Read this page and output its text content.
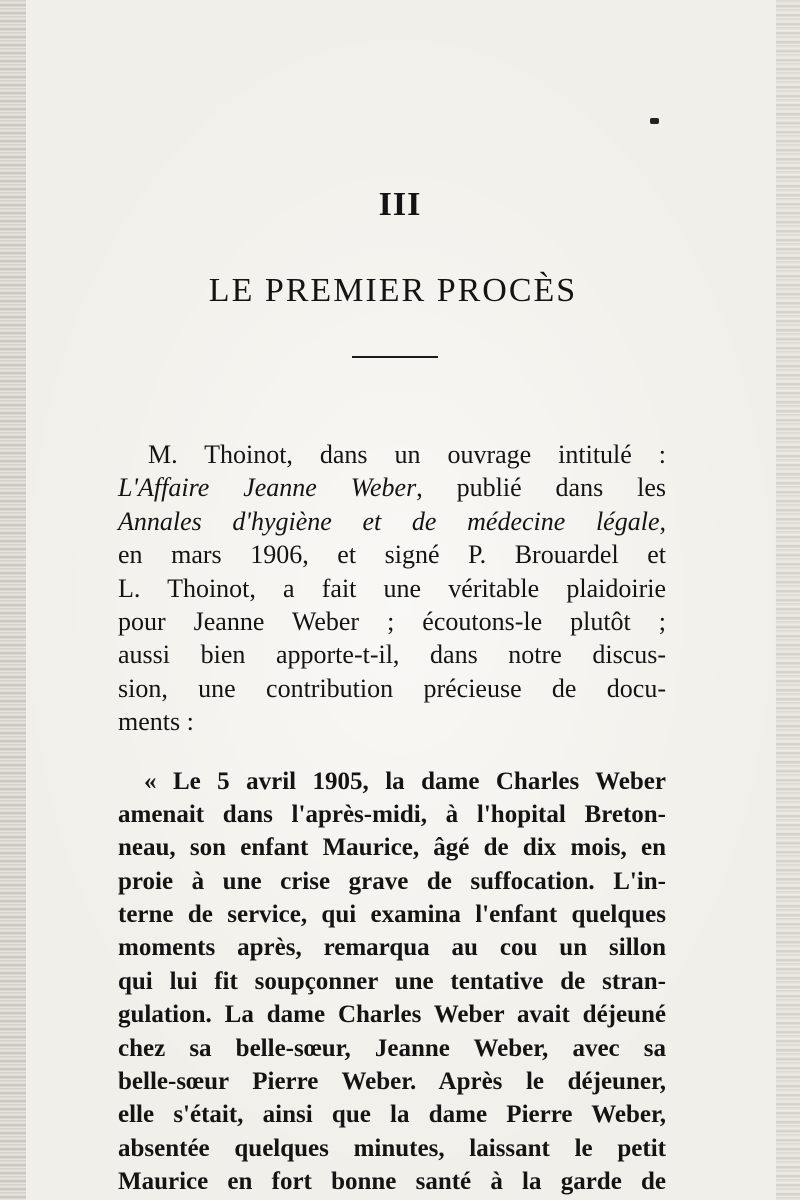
III
LE PREMIER PROCÈS
M. Thoinot, dans un ouvrage intitulé :
L'Affaire Jeanne Weber, publié dans les
Annales d'hygiène et de médecine légale,
en mars 1906, et signé P. Brouardel et
L. Thoinot, a fait une véritable plaidoirie
pour Jeanne Weber ; écoutons-le plutôt ;
aussi bien apporte-t-il, dans notre discus-
sion, une contribution précieuse de docu-
ments :
« Le 5 avril 1905, la dame Charles Weber
amenait dans l'après-midi, à l'hopital Breton-
neau, son enfant Maurice, âgé de dix mois, en
proie à une crise grave de suffocation. L'in-
terne de service, qui examina l'enfant quelques
moments après, remarqua au cou un sillon
qui lui fit soupçonner une tentative de stran-
gulation. La dame Charles Weber avait déjeuné
chez sa belle-sœur, Jeanne Weber, avec sa
belle-sœur Pierre Weber. Après le déjeuner,
elle s'était, ainsi que la dame Pierre Weber,
absentée quelques minutes, laissant le petit
Maurice en fort bonne santé à la garde de
